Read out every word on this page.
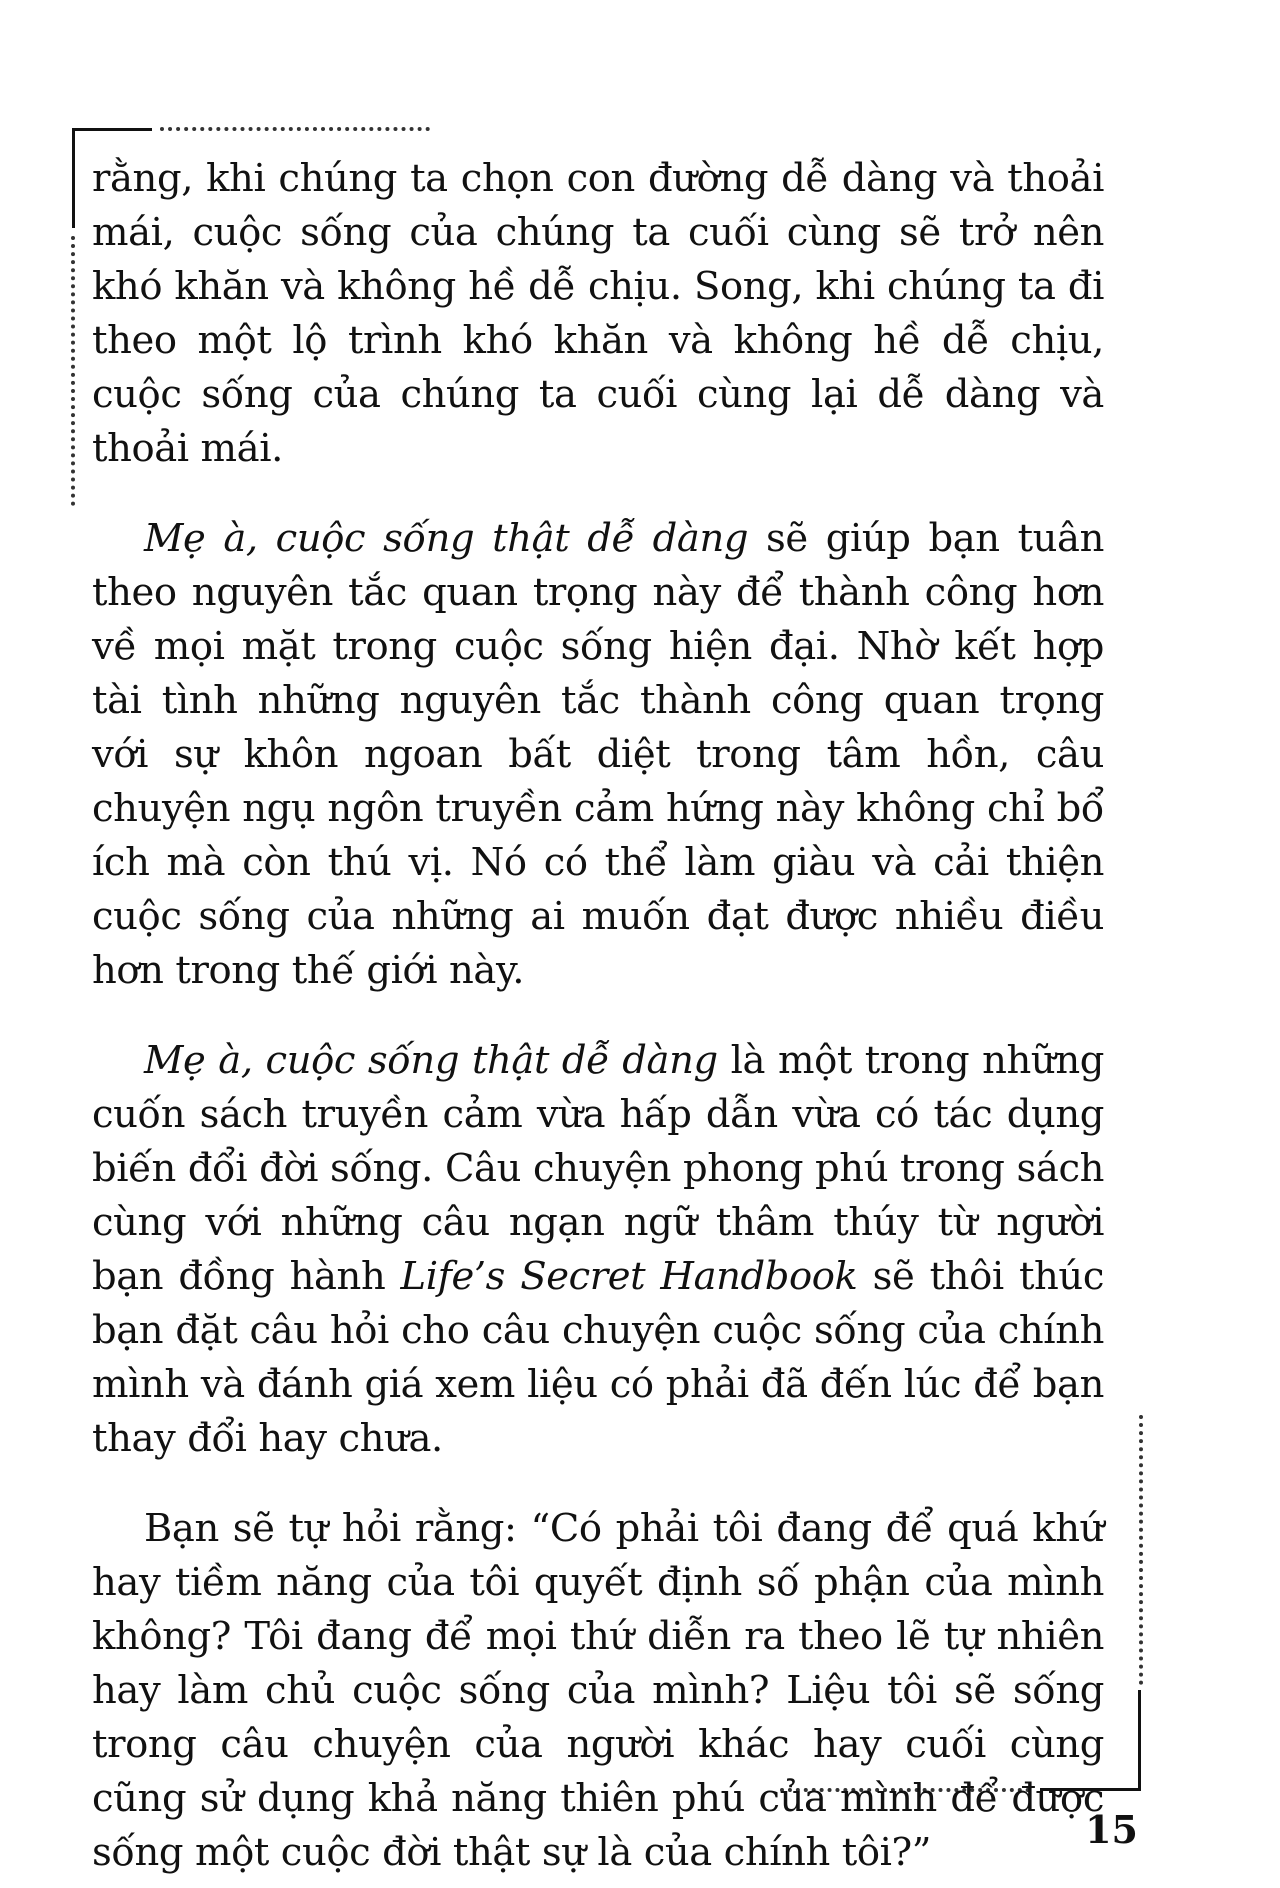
rằng, khi chúng ta chọn con đường dễ dàng và thoải mái, cuộc sống của chúng ta cuối cùng sẽ trở nên khó khăn và không hề dễ chịu. Song, khi chúng ta đi theo một lộ trình khó khăn và không hề dễ chịu, cuộc sống của chúng ta cuối cùng lại dễ dàng và thoải mái.

Mẹ à, cuộc sống thật dễ dàng sẽ giúp bạn tuân theo nguyên tắc quan trọng này để thành công hơn về mọi mặt trong cuộc sống hiện đại. Nhờ kết hợp tài tình những nguyên tắc thành công quan trọng với sự khôn ngoan bất diệt trong tâm hồn, câu chuyện ngụ ngôn truyền cảm hứng này không chỉ bổ ích mà còn thú vị. Nó có thể làm giàu và cải thiện cuộc sống của những ai muốn đạt được nhiều điều hơn trong thế giới này.

Mẹ à, cuộc sống thật dễ dàng là một trong những cuốn sách truyền cảm vừa hấp dẫn vừa có tác dụng biến đổi đời sống. Câu chuyện phong phú trong sách cùng với những câu ngạn ngữ thâm thúy từ người bạn đồng hành Life’s Secret Handbook sẽ thôi thúc bạn đặt câu hỏi cho câu chuyện cuộc sống của chính mình và đánh giá xem liệu có phải đã đến lúc để bạn thay đổi hay chưa.

Bạn sẽ tự hỏi rằng: “Có phải tôi đang để quá khứ hay tiềm năng của tôi quyết định số phận của mình không? Tôi đang để mọi thứ diễn ra theo lẽ tự nhiên hay làm chủ cuộc sống của mình? Liệu tôi sẽ sống trong câu chuyện của người khác hay cuối cùng cũng sử dụng khả năng thiên phú của mình để được sống một cuộc đời thật sự là của chính tôi?”

15
